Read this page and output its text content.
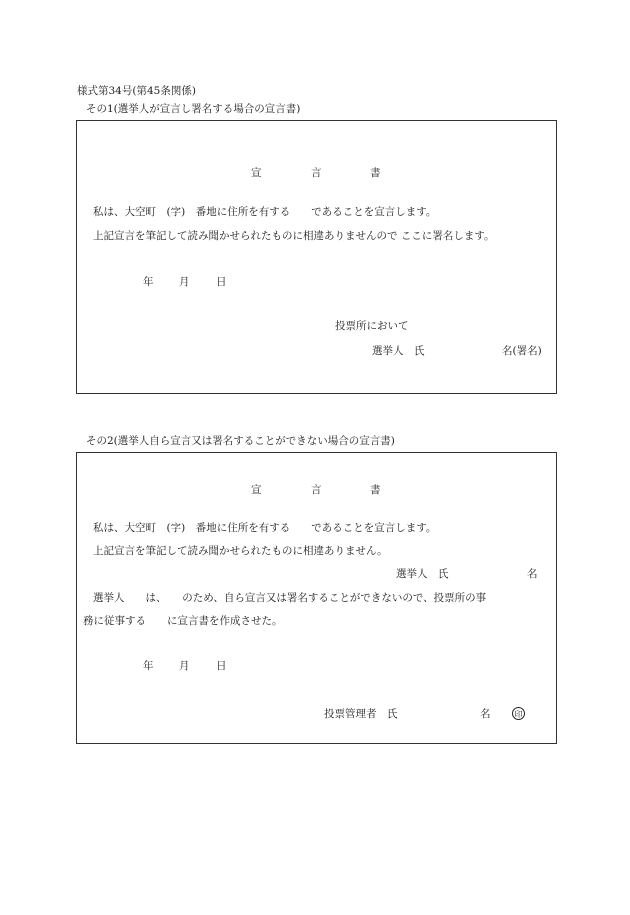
様式第34号(第45条関係)
その1(選挙人が宣言し署名する場合の宣言書)
宣	言	書
私は、大空町　(字)　番地に住所を有する　　であることを宣言します。
上記宣言を筆記して読み聞かせられたものに相違ありませんので ここに署名します。
年 月	日
投票所において
選挙人　氏	名(署名)
その2(選挙人自ら宣言又は署名することができない場合の宣言書)
宣	言	書
私は、大空町　(字)　番地に住所を有する　　であることを宣言します。
上記宣言を筆記して読み聞かせられたものに相違ありません。
選挙人　氏	名
選挙人　　は、　　のため、自ら宣言又は署名することができないので、投票所の事
務に従事する　　に宣言書を作成させた。
年 月	日
投票管理者　氏	名	印
